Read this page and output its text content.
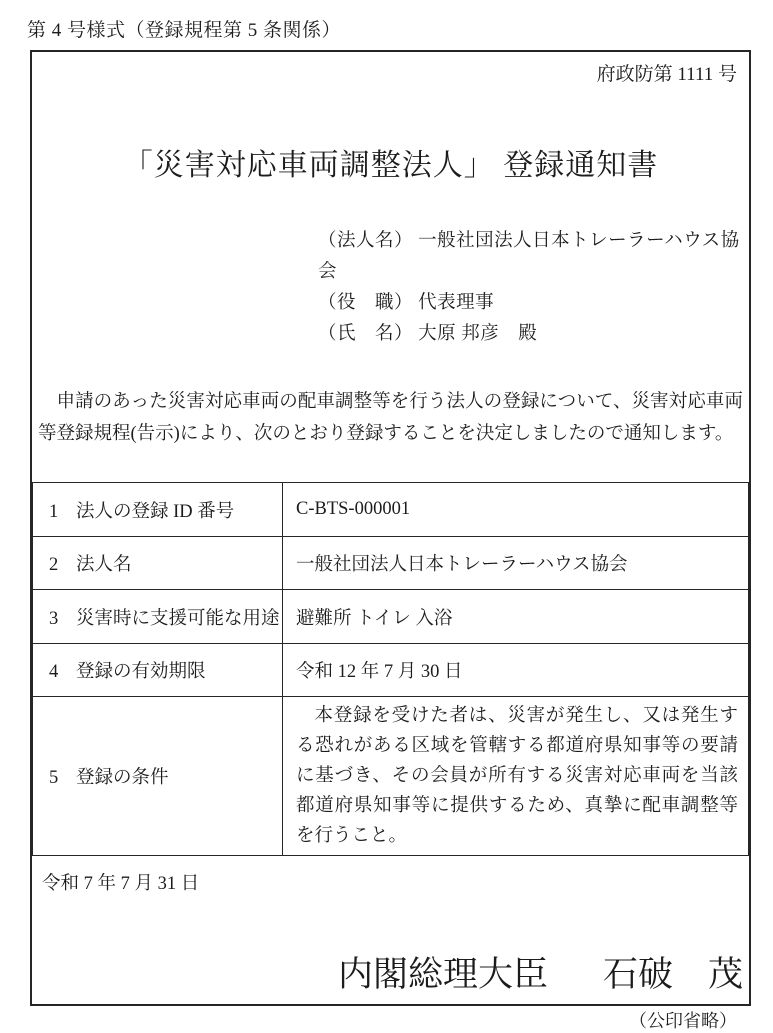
第 4 号様式（登録規程第 5 条関係）
府政防第 1111 号
「災害対応車両調整法人」 登録通知書
（法人名） 一般社団法人日本トレーラーハウス協会
（役　職） 代表理事
（氏　名） 大原 邦彦　殿

申請のあった災害対応車両の配車調整等を行う法人の登録について、災害対応車両等登録規程(告示)により、次のとおり登録することを決定しましたので通知します。

1 法人の登録 ID 番号	C-BTS-000001
2 法人名	一般社団法人日本トレーラーハウス協会
3 災害時に支援可能な用途	避難所 トイレ 入浴
4 登録の有効期限	令和 12 年 7 月 30 日
5 登録の条件	本登録を受けた者は、災害が発生し、又は発生する恐れがある区域を管轄する都道府県知事等の要請に基づき、その会員が所有する災害対応車両を当該都道府県知事等に提供するため、真摯に配車調整等を行うこと。
令和 7 年 7 月 31 日
内閣総理大臣 石破　茂
（公印省略）
